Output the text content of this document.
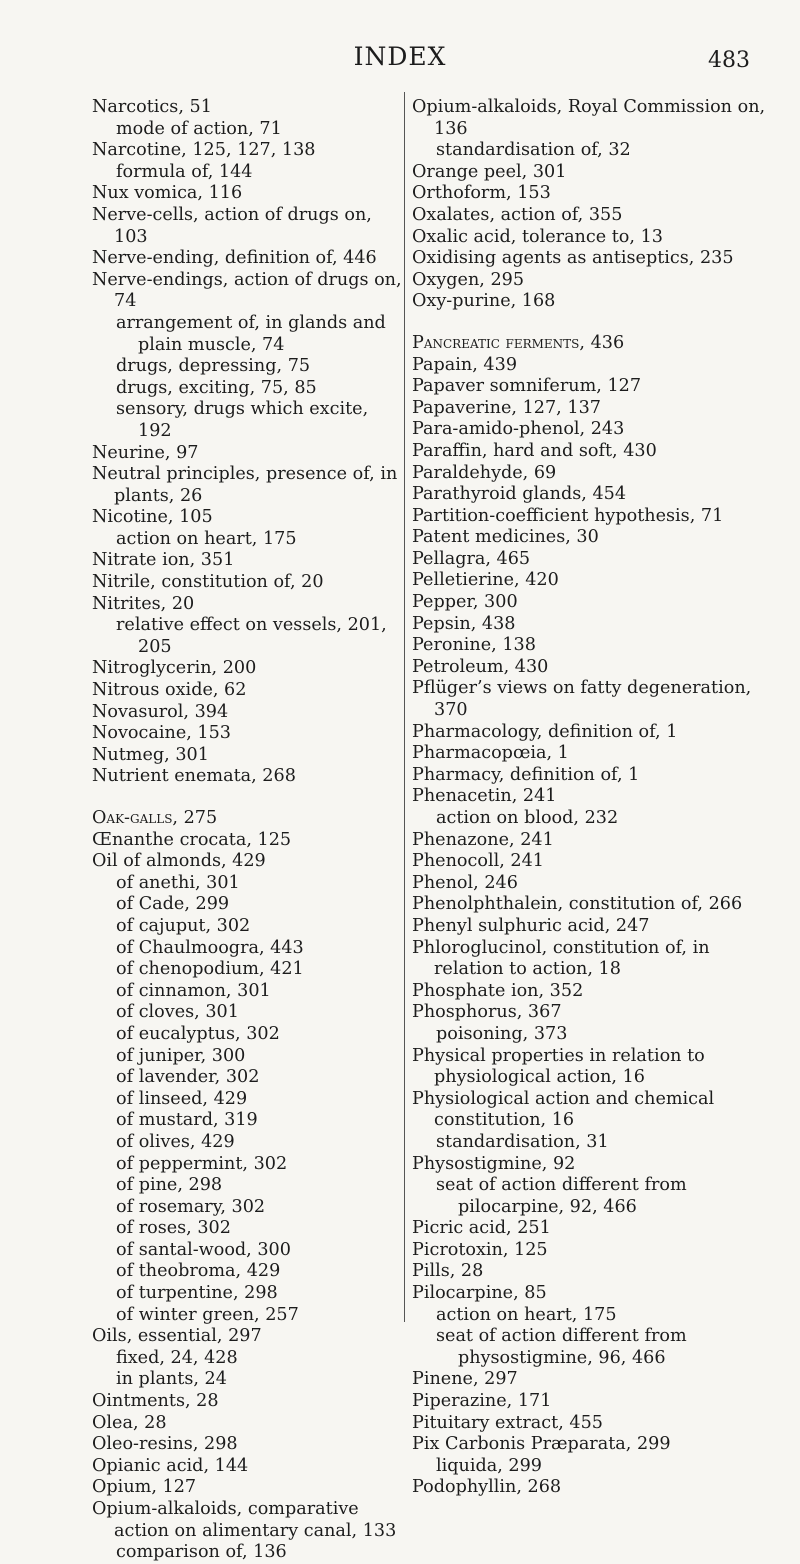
INDEX	483
Narcotics, 51
mode of action, 71
Narcotine, 125, 127, 138
formula of, 144
Nux vomica, 116
Nerve-cells, action of drugs on, 103
Nerve-ending, definition of, 446
Nerve-endings, action of drugs on, 74
arrangement of, in glands and plain muscle, 74
drugs, depressing, 75
drugs, exciting, 75, 85
sensory, drugs which excite, 192
Neurine, 97
Neutral principles, presence of, in plants, 26
Nicotine, 105
action on heart, 175
Nitrate ion, 351
Nitrile, constitution of, 20
Nitrites, 20
relative effect on vessels, 201, 205
Nitroglycerin, 200
Nitrous oxide, 62
Novasurol, 394
Novocaine, 153
Nutmeg, 301
Nutrient enemata, 268
Oak-galls, 275
Œnanthe crocata, 125
Oil of almonds, 429
of anethi, 301
of Cade, 299
of cajuput, 302
of Chaulmoogra, 443
of chenopodium, 421
of cinnamon, 301
of cloves, 301
of eucalyptus, 302
of juniper, 300
of lavender, 302
of linseed, 429
of mustard, 319
of olives, 429
of peppermint, 302
of pine, 298
of rosemary, 302
of roses, 302
of santal-wood, 300
of theobroma, 429
of turpentine, 298
of winter green, 257
Oils, essential, 297
fixed, 24, 428
in plants, 24
Ointments, 28
Olea, 28
Oleo-resins, 298
Opianic acid, 144
Opium, 127
Opium-alkaloids, comparative action on alimentary canal, 133
comparison of, 136
Opium-alkaloids, Royal Commission on, 136
standardisation of, 32
Orange peel, 301
Orthoform, 153
Oxalates, action of, 355
Oxalic acid, tolerance to, 13
Oxidising agents as antiseptics, 235
Oxygen, 295
Oxy-purine, 168
Pancreatic ferments, 436
Papain, 439
Papaver somniferum, 127
Papaverine, 127, 137
Para-amido-phenol, 243
Paraffin, hard and soft, 430
Paraldehyde, 69
Parathyroid glands, 454
Partition-coefficient hypothesis, 71
Patent medicines, 30
Pellagra, 465
Pelletierine, 420
Pepper, 300
Pepsin, 438
Peronine, 138
Petroleum, 430
Pflüger’s views on fatty degeneration, 370
Pharmacology, definition of, 1
Pharmacopœia, 1
Pharmacy, definition of, 1
Phenacetin, 241
action on blood, 232
Phenazone, 241
Phenocoll, 241
Phenol, 246
Phenolphthalein, constitution of, 266
Phenyl sulphuric acid, 247
Phloroglucinol, constitution of, in relation to action, 18
Phosphate ion, 352
Phosphorus, 367
poisoning, 373
Physical properties in relation to physiological action, 16
Physiological action and chemical constitution, 16
standardisation, 31
Physostigmine, 92
seat of action different from pilocarpine, 92, 466
Picric acid, 251
Picrotoxin, 125
Pills, 28
Pilocarpine, 85
action on heart, 175
seat of action different from physostigmine, 96, 466
Pinene, 297
Piperazine, 171
Pituitary extract, 455
Pix Carbonis Præparata, 299
liquida, 299
Podophyllin, 268
